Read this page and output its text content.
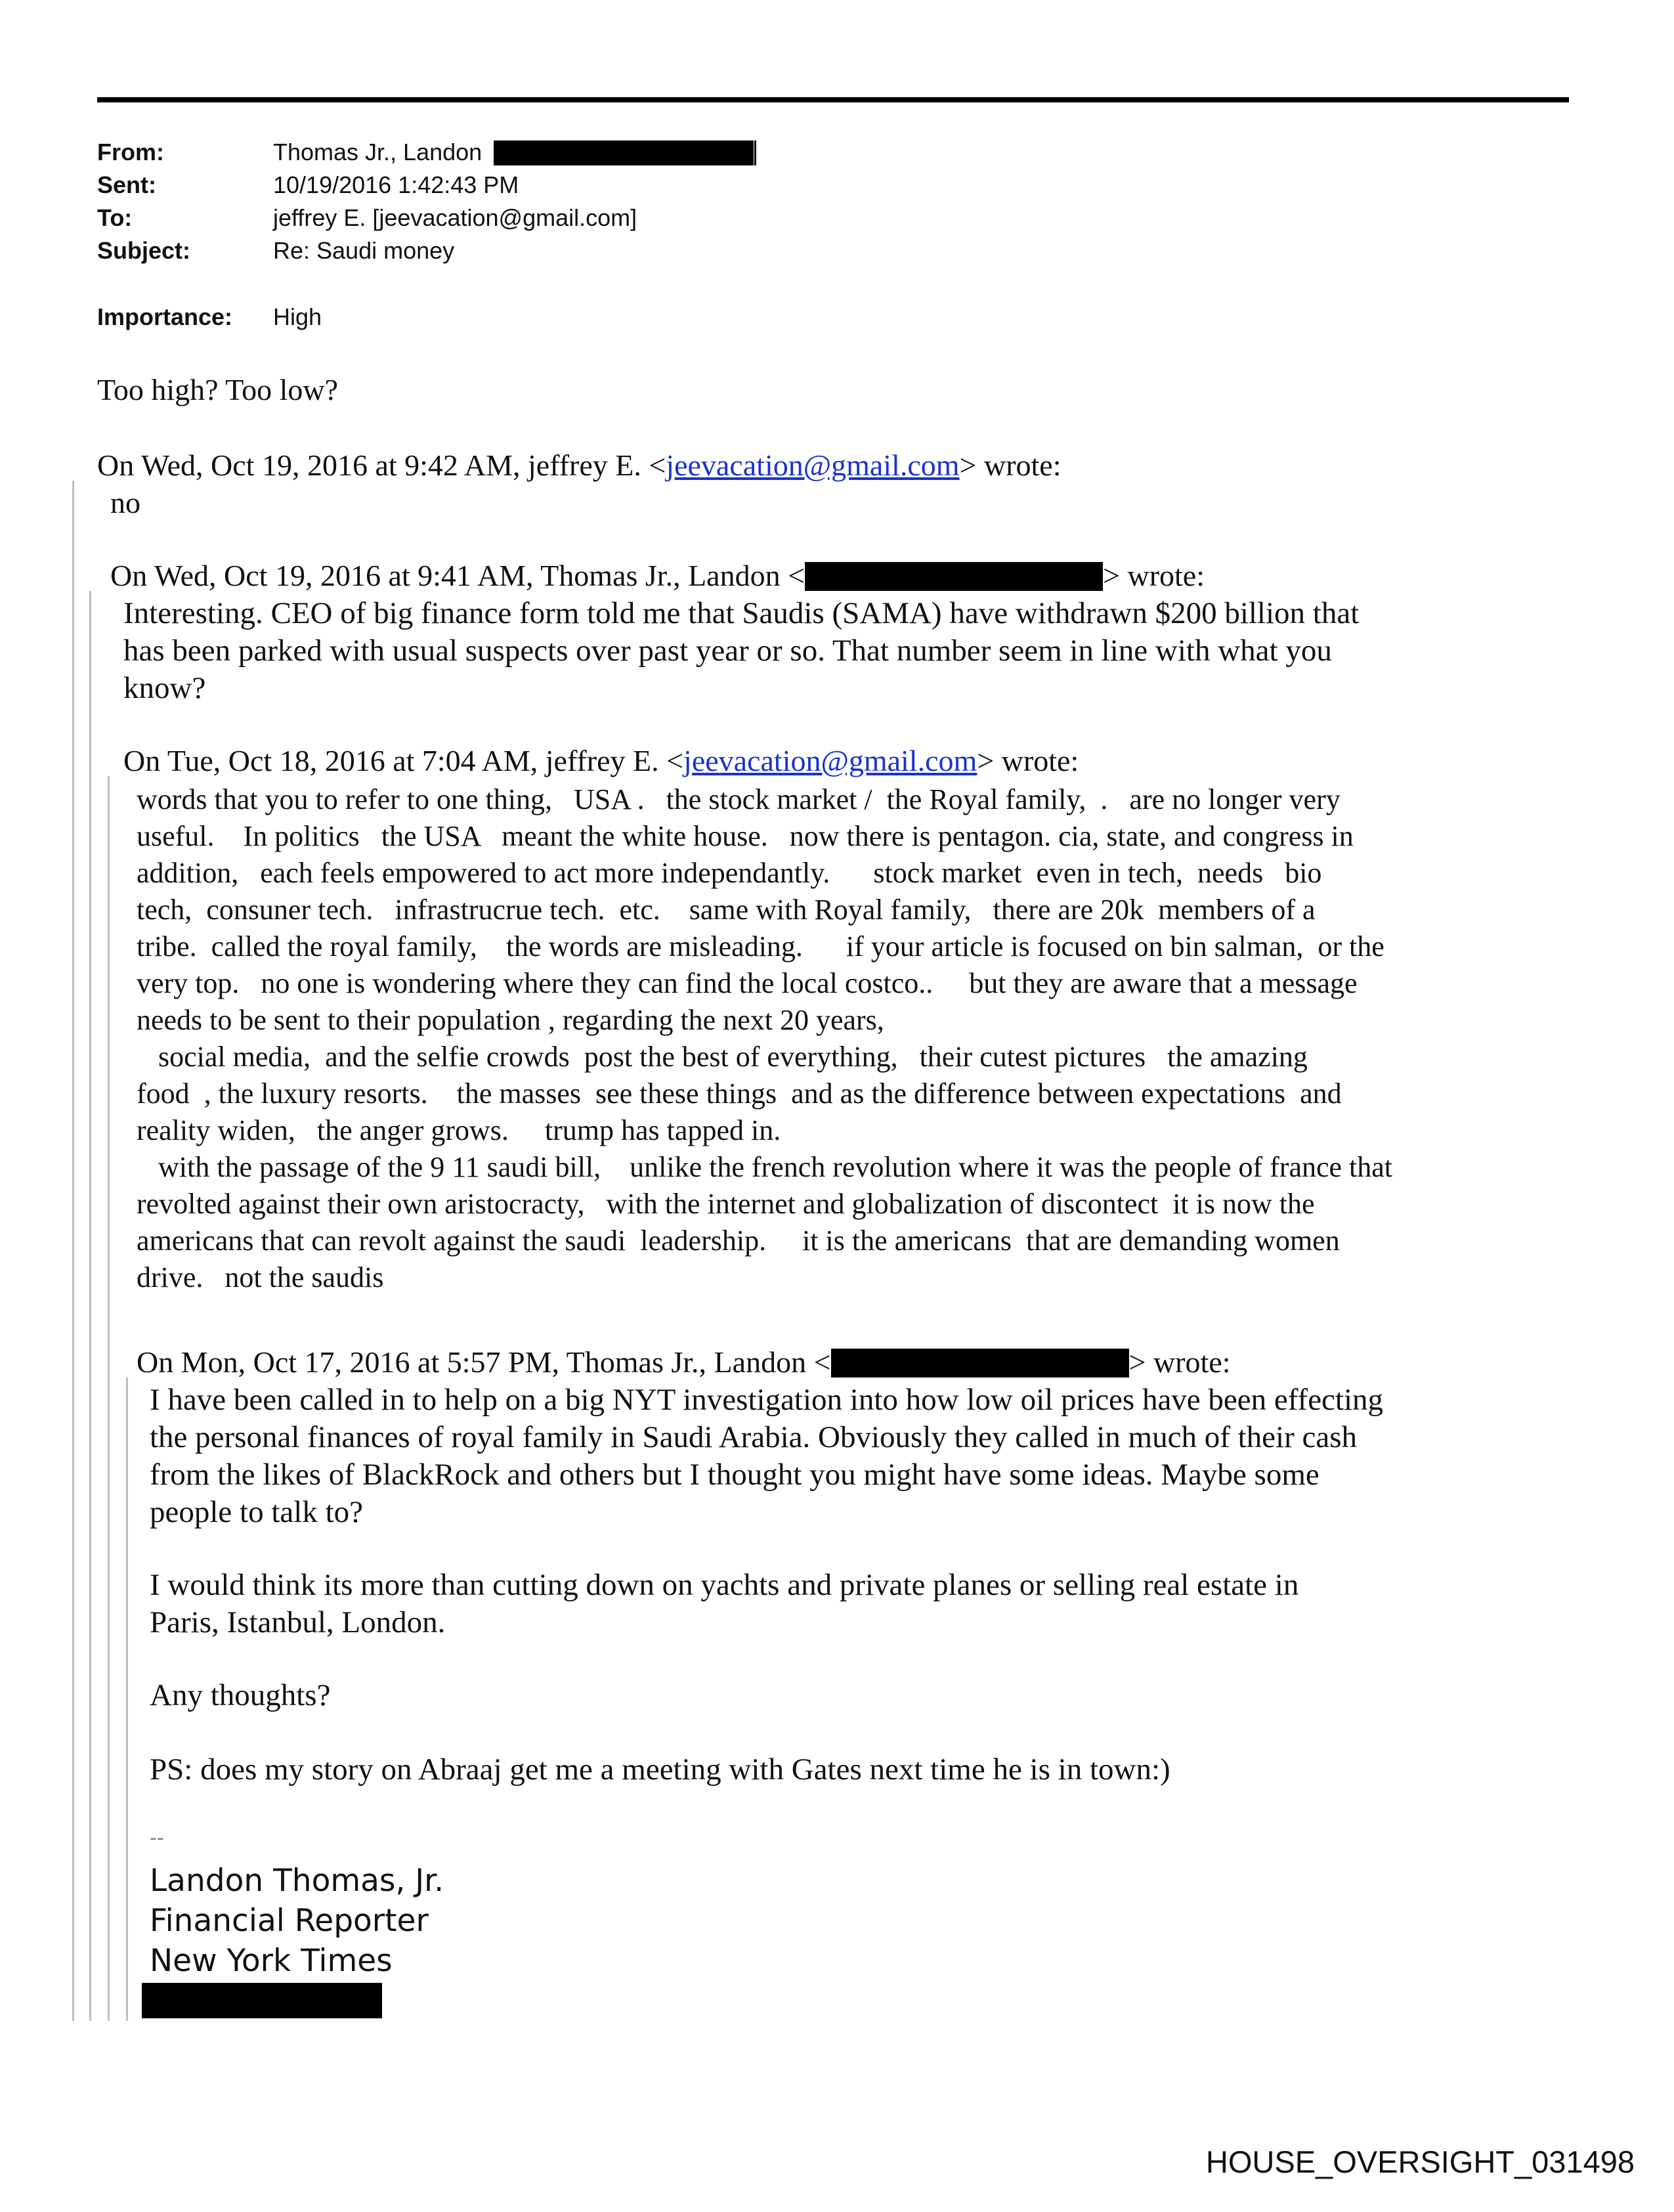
From:	Thomas Jr., Landon
Sent:	10/19/2016 1:42:43 PM
To:	jeffrey E. [jeevacation@gmail.com]
Subject:	Re: Saudi money
Importance: High
Too high? Too low?
On Wed, Oct 19, 2016 at 9:42 AM, jeffrey E. <jeevacation@gmail.com> wrote:
no
On Wed, Oct 19, 2016 at 9:41 AM, Thomas Jr., Landon <	> wrote:
Interesting. CEO of big finance form told me that Saudis (SAMA) have withdrawn $200 billion that
has been parked with usual suspects over past year or so. That number seem in line with what you
know?
On Tue, Oct 18, 2016 at 7:04 AM, jeffrey E. <jeevacation@gmail.com> wrote:
words that you to refer to one thing,   USA .   the stock market /  the Royal family,  .   are no longer very
useful.    In politics   the USA   meant the white house.   now there is pentagon. cia, state, and congress in
addition,   each feels empowered to act more independantly.      stock market  even in tech,  needs   bio
tech,  consuner tech.   infrastrucrue tech.  etc.    same with Royal family,   there are 20k  members of a
tribe.  called the royal family,    the words are misleading.      if your article is focused on bin salman,  or the
very top.   no one is wondering where they can find the local costco..     but they are aware that a message
needs to be sent to their population , regarding the next 20 years,
social media,  and the selfie crowds  post the best of everything,   their cutest pictures   the amazing
food  , the luxury resorts.    the masses  see these things  and as the difference between expectations  and
reality widen,   the anger grows.     trump has tapped in.
with the passage of the 9 11 saudi bill,    unlike the french revolution where it was the people of france that
revolted against their own aristocracty,   with the internet and globalization of discontect  it is now the
americans that can revolt against the saudi  leadership.     it is the americans  that are demanding women
drive.   not the saudis
On Mon, Oct 17, 2016 at 5:57 PM, Thomas Jr., Landon <	> wrote:
I have been called in to help on a big NYT investigation into how low oil prices have been effecting
the personal finances of royal family in Saudi Arabia. Obviously they called in much of their cash
from the likes of BlackRock and others but I thought you might have some ideas. Maybe some
people to talk to?
I would think its more than cutting down on yachts and private planes or selling real estate in
Paris, Istanbul, London.
Any thoughts?
PS: does my story on Abraaj get me a meeting with Gates next time he is in town:)
--
Landon Thomas, Jr.
Financial Reporter
New York Times
HOUSE_OVERSIGHT_031498
